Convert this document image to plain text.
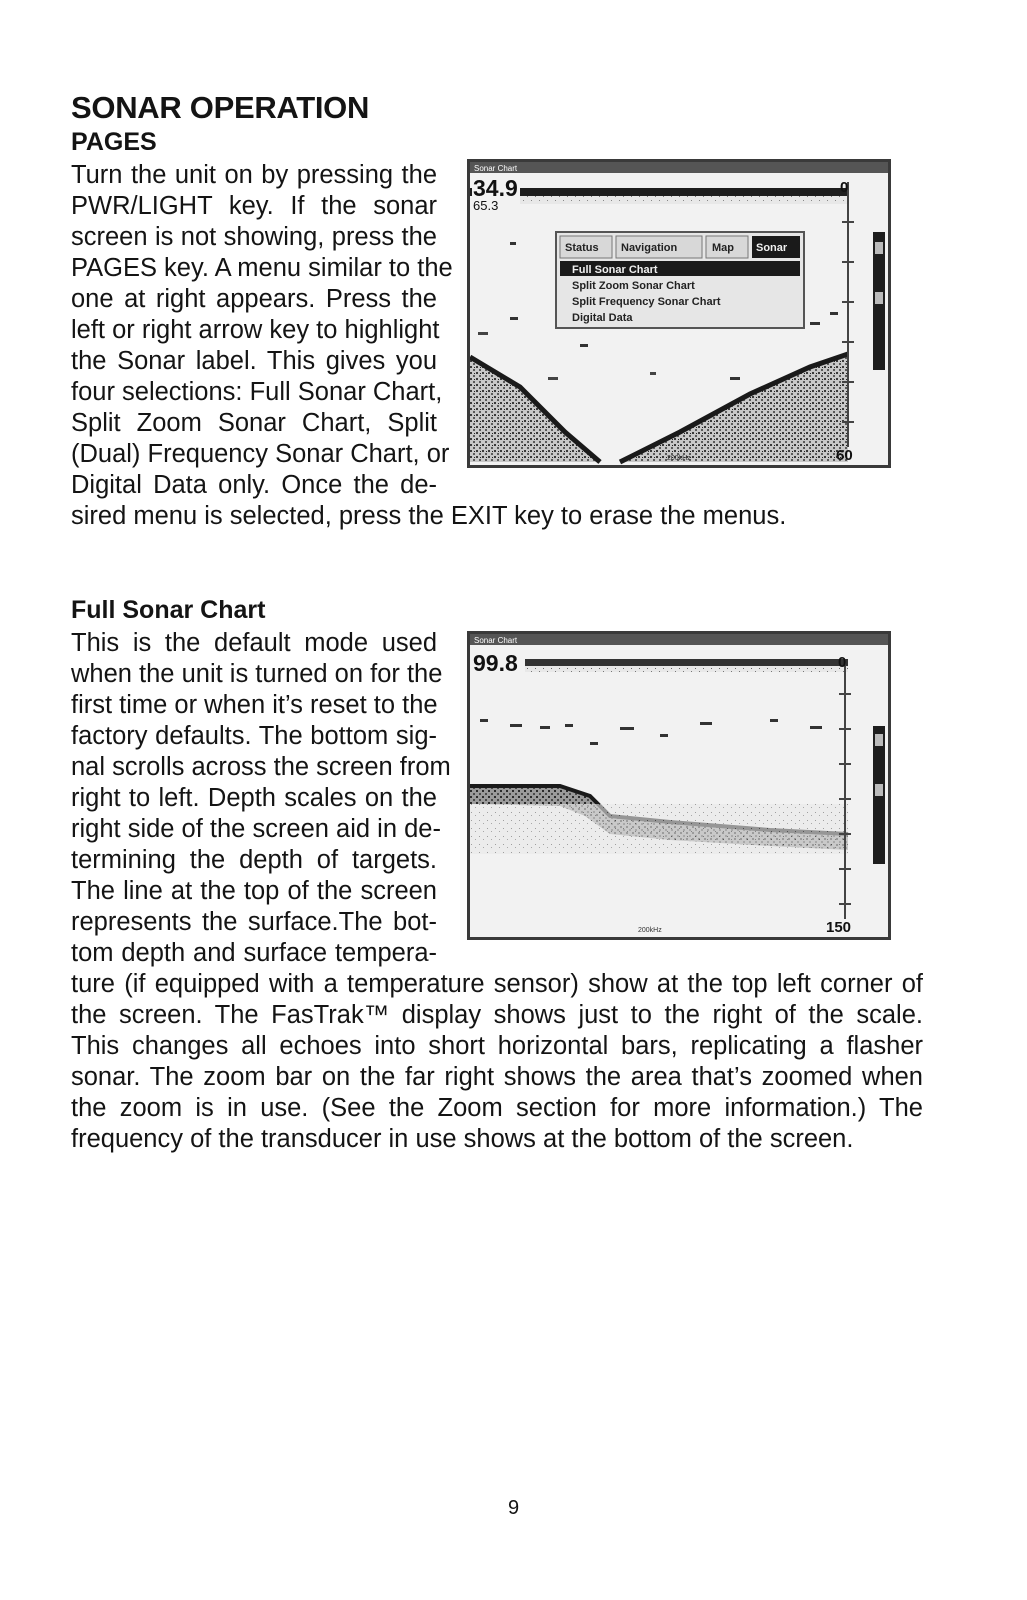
SONAR OPERATION
PAGES
Turn the unit on by pressing the
PWR/LIGHT key. If the sonar
screen is not showing, press the
PAGES key. A menu similar to the
one at right appears. Press the
left or right arrow key to highlight
the Sonar label. This gives you
four selections: Full Sonar Chart,
Split Zoom Sonar Chart, Split
(Dual) Frequency Sonar Chart, or
Digital Data only. Once the de-
sired menu is selected, press the EXIT key to erase the menus.
Sonar Chart
34.9
65.3
0
60
200kHz
Status Navigation	Map Sonar
Full Sonar Chart
Split Zoom Sonar Chart
Split Frequency Sonar Chart
Digital Data
Full Sonar Chart
This is the default mode used
when the unit is turned on for the
first time or when it’s reset to the
factory defaults. The bottom sig-
nal scrolls across the screen from
right to left. Depth scales on the
right side of the screen aid in de-
termining the depth of targets.
The line at the top of the screen
represents the surface.The bot-
tom depth and surface tempera-
ture (if equipped with a temperature sensor) show at the top left corner of
the screen. The FasTrak™ display shows just to the right of the scale.
This changes all echoes into short horizontal bars, replicating a flasher
sonar. The zoom bar on the far right shows the area that’s zoomed when
the zoom is in use. (See the Zoom section for more information.) The
frequency of the transducer in use shows at the bottom of the screen.
Sonar Chart
99.8	0
150
200kHz
9
